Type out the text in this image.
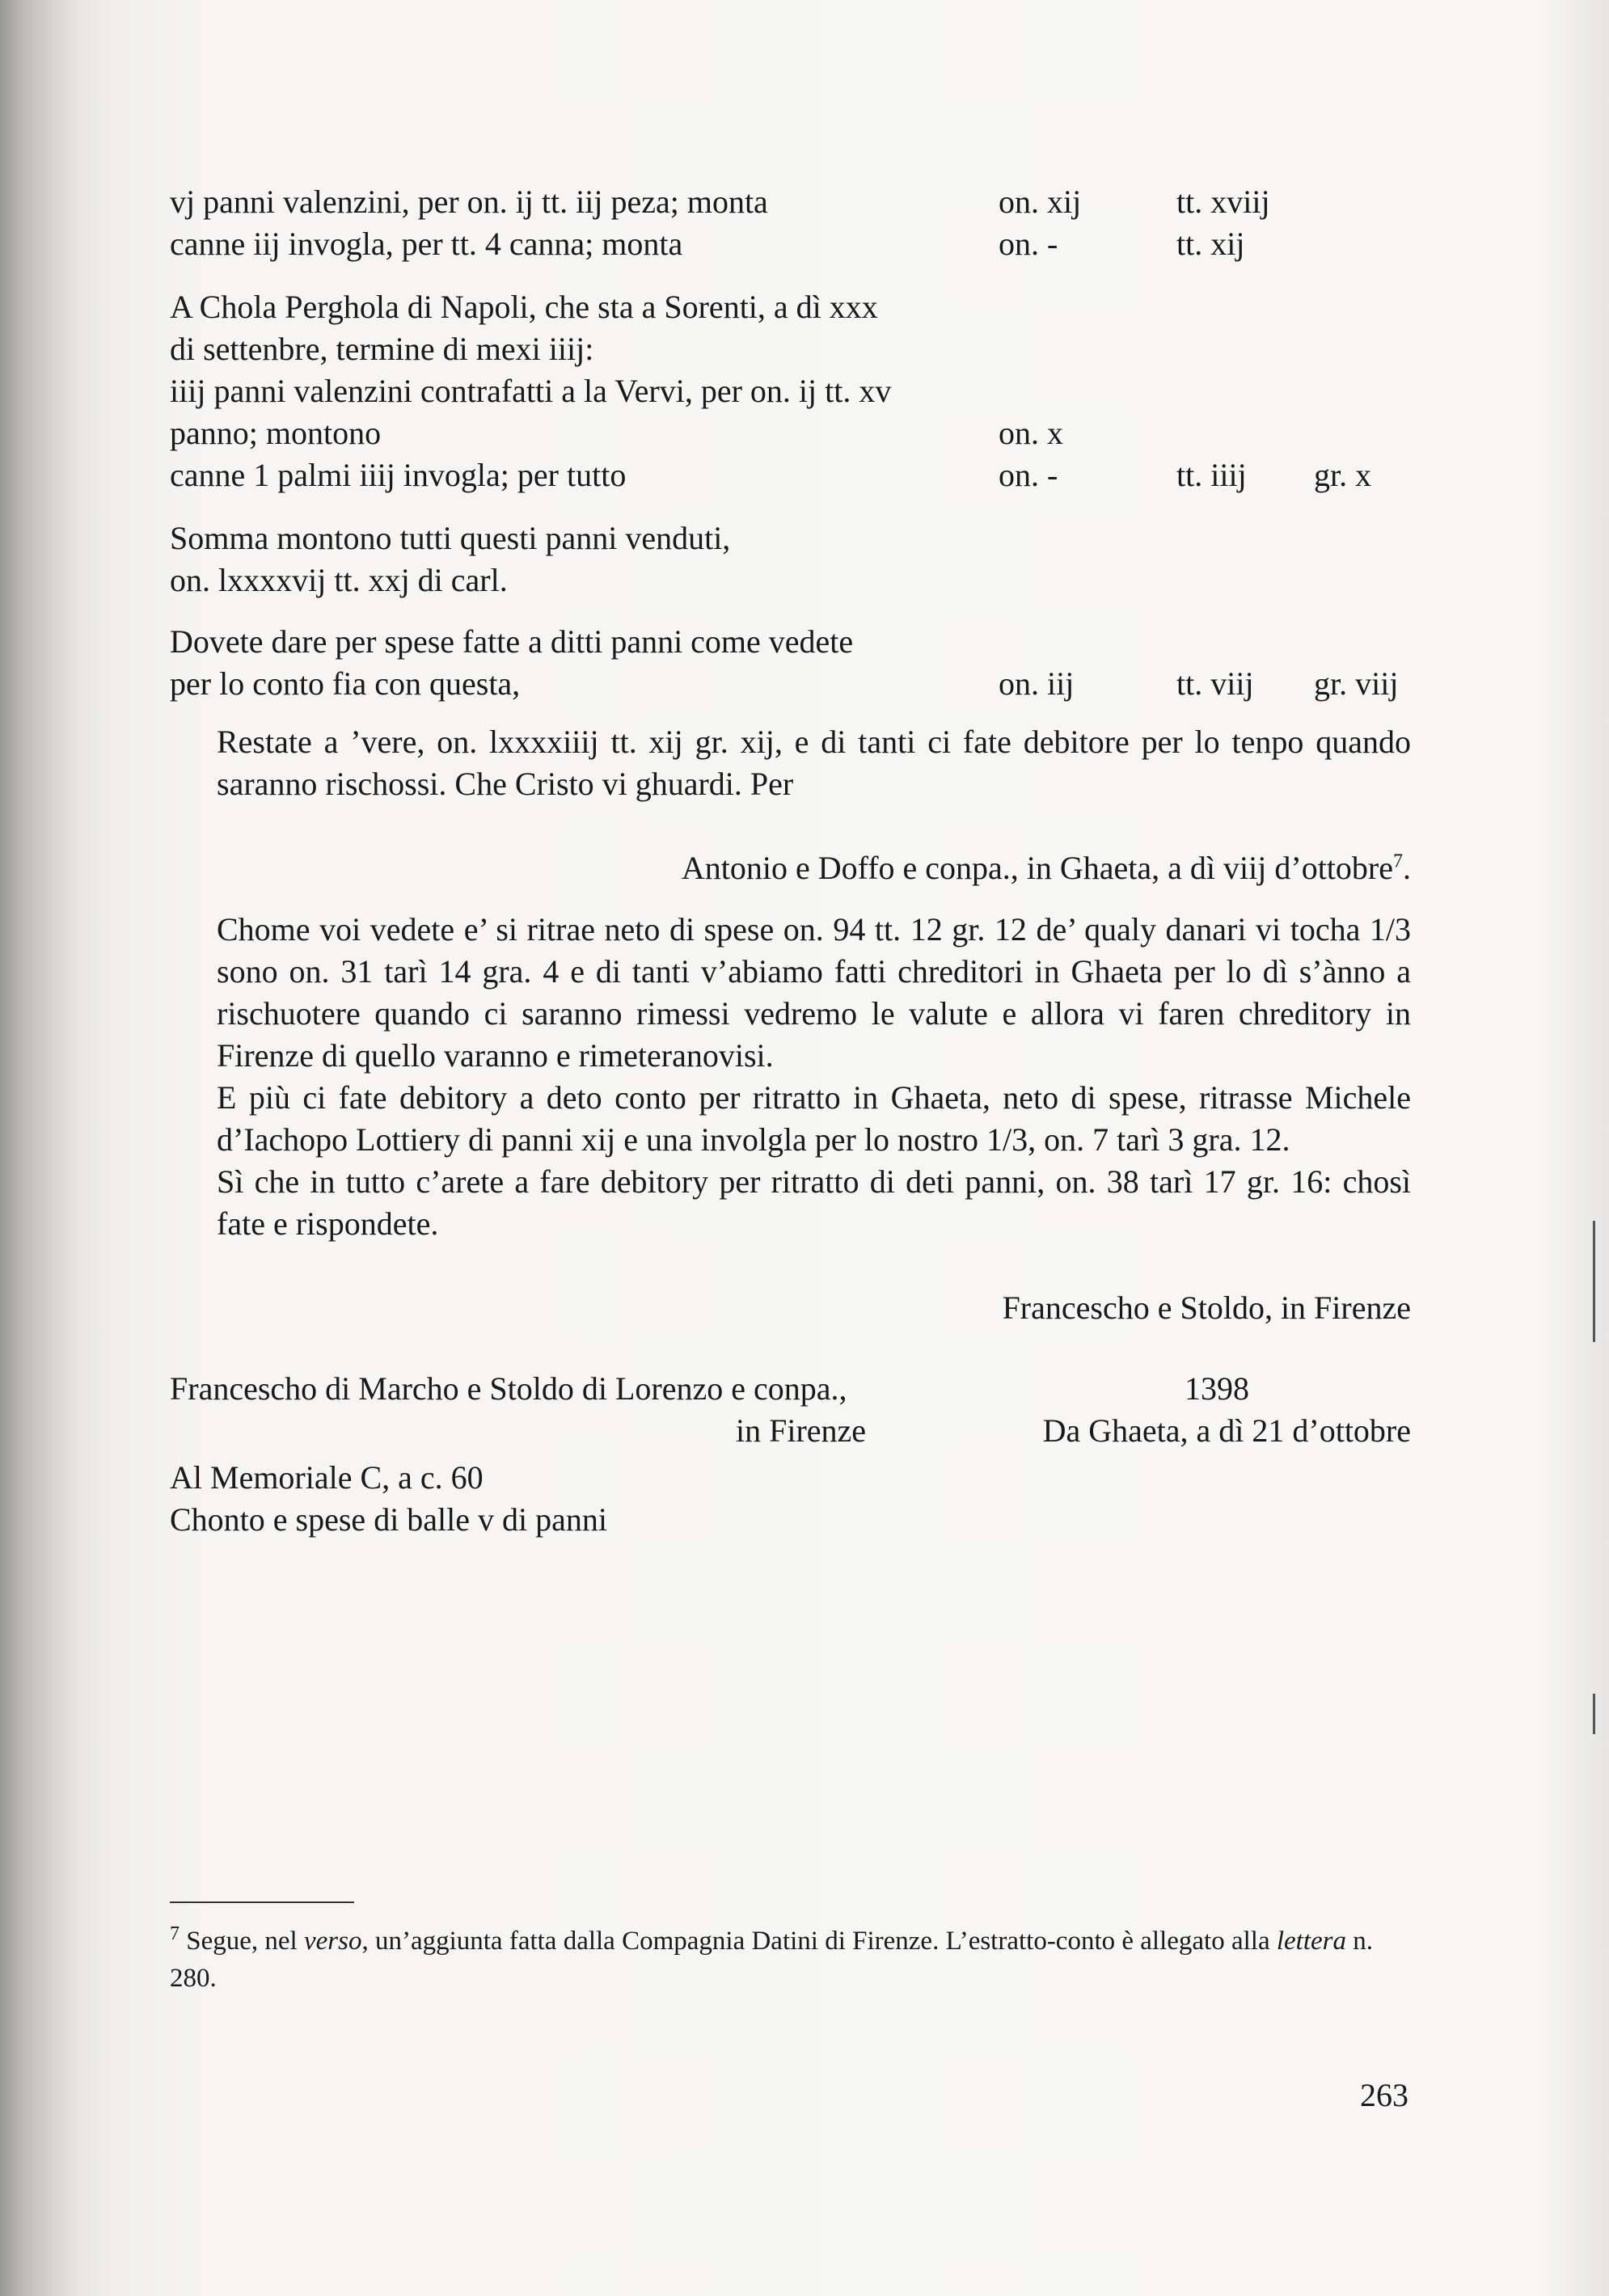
vj panni valenzini, per on. ij tt. iij peza; monta	on. xij	tt. xviij
canne iij invogla, per tt. 4 canna; monta	on. -	tt. xij
A Chola Perghola di Napoli, che sta a Sorenti, a dì xxx
di settenbre, termine di mexi iiij:
iiij panni valenzini contrafatti a la Vervi, per on. ij tt. xv
panno; montono	on. x
canne 1 palmi iiij invogla; per tutto	on. -	tt. iiij gr. x
Somma montono tutti questi panni venduti,
on. lxxxxvij tt. xxj di carl.
Dovete dare per spese fatte a ditti panni come vedete
per lo conto fia con questa,	on. iij	tt. viij gr. viij
Restate a ’vere, on. lxxxxiiij tt. xij gr. xij, e di tanti ci fate debitore per lo tenpo quando saranno rischossi. Che Cristo vi ghuardi. Per
Antonio e Doffo e conpa., in Ghaeta, a dì viij d’ottobre$^7$.
Chome voi vedete e’ si ritrae neto di spese on. 94 tt. 12 gr. 12 de’ qualy danari vi tocha 1/3 sono on. 31 tarì 14 gra. 4 e di tanti v’abiamo fatti chreditori in Ghaeta per lo dì s’ànno a rischuotere quando ci saranno rimessi vedremo le valute e allora vi faren chreditory in Firenze di quello varanno e rimeteranovisi.
E più ci fate debitory a deto conto per ritratto in Ghaeta, neto di spese, ritrasse Michele d’Iachopo Lottiery di panni xij e una involgla per lo nostro 1/3, on. 7 tarì 3 gra. 12.
Sì che in tutto c’arete a fare debitory per ritratto di deti panni, on. 38 tarì 17 gr. 16: chosì fate e rispondete.
Francescho e Stoldo, in Firenze
Francescho di Marcho e Stoldo di Lorenzo e conpa.,	1398
in Firenze	Da Ghaeta, a dì 21 d’ottobre
Al Memoriale C, a c. 60
Chonto e spese di balle v di panni
$^7$ Segue, nel verso, un’aggiunta fatta dalla Compagnia Datini di Firenze. L’estratto-conto è allegato alla lettera n. 280.
263
